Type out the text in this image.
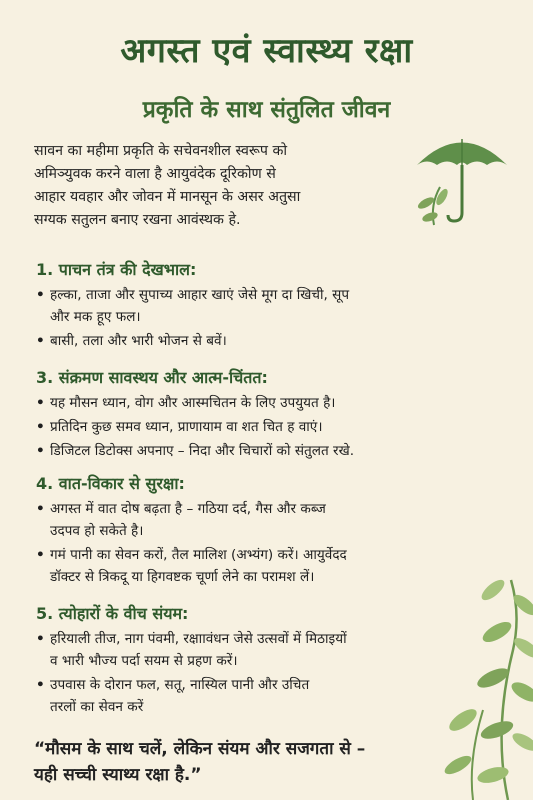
अगस्त एवं स्वास्थ्य रक्षा
प्रकृति के साथ संतुलित जीवन
सावन का महीमा प्रकृति के सचेवनशील स्वरूप को
अमिञ्युवक करने वाला है आयुवंदेक दूरिकोण से
आहार यवहार और जोवन में मानसून के असर अतुसा
सग्यक सतुलन बनाए रखना आवंस्थक हे.
1. पाचन तंत्र की देखभाल:
• हल्का, ताजा और सुपाच्य आहार खाएं जेसे मूग दा खिची, सूप
और मक हूए फल।
• बासी, तला और भारी भोजन से बवें।
3. संक्रमण सावस्थय और आत्म-चिंतत:
• यह मौसन ध्यान, वोग और आस्मचितन के लिए उपयुयत है।
• प्रतिदिन कुछ समव ध्यान, प्राणायाम वा शत चित ह वाएं।
• डिजिटल डिटोक्स अपनाए – निदा और चिचारों को संतुलत रखे.
4. वात-विकार से सुरक्षा:
• अगस्त में वात दोष बढ़ता है – गठिया दर्द, गैस और कब्ज
उदपव हो सकेते है।
• गमं पानी का सेवन करों, तैल मालिश (अभ्यंग) करें। आयुर्वेदद
डॉक्टर से त्रिकदू या हिगवष्टक चूर्णा लेने का परामश लें।
5. त्योहारों के वीच संयम:
• हरियाली तीज, नाग पंवमी, रक्षाावंधन जेसे उत्सवों में मिठाइयों
व भारी भौज्य पर्दा सयम से प्रहण करें।
• उपवास के दोरान फल, सतू, नास्यिल पानी और उचित
तरलों का सेवन करें
“मौसम के साथ चलें, लेकिन संयम और सजगता से –
यही सच्ची स्याथ्य रक्षा है.”
